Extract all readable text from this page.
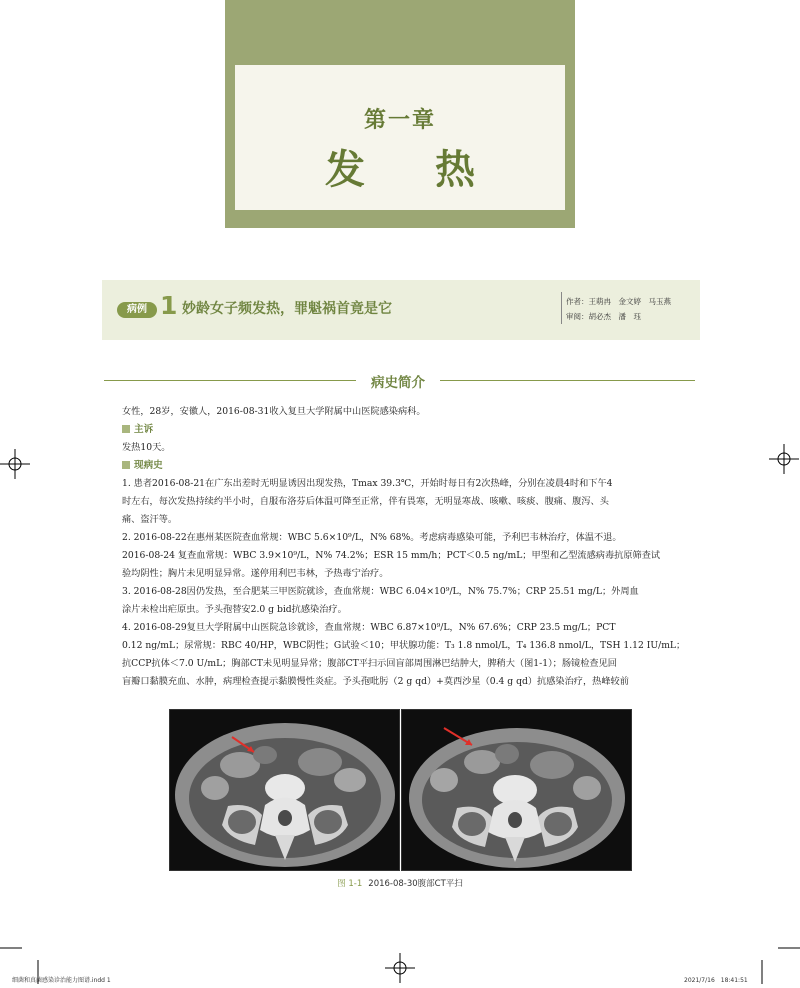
第一章
发热
病例 1 妙龄女子频发热，罪魁祸首竟是它	作者：王萌冉　金文婷　马玉燕
审阅：胡必杰　潘　珏
病史简介
女性，28岁，安徽人，2016-08-31收入复旦大学附属中山医院感染病科。
主诉
发热10天。
现病史
1. 患者2016-08-21在广东出差时无明显诱因出现发热，Tmax 39.3℃，开始时每日有2次热峰，分别在凌晨4时和下午4
时左右，每次发热持续约半小时，自服布洛芬后体温可降至正常，伴有畏寒，无明显寒战、咳嗽、咳痰、腹痛、腹泻、头
痛、盗汗等。
2. 2016-08-22在惠州某医院查血常规：WBC 5.6×10⁹/L，N% 68%。考虑病毒感染可能，予利巴韦林治疗，体温不退。
2016-08-24 复查血常规：WBC 3.9×10⁹/L，N% 74.2%；ESR 15 mm/h；PCT＜0.5 ng/mL；甲型和乙型流感病毒抗原筛查试
验均阴性；胸片未见明显异常。遂停用利巴韦林，予热毒宁治疗。
3. 2016-08-28因仍发热，至合肥某三甲医院就诊，查血常规：WBC 6.04×10⁹/L，N% 75.7%；CRP 25.51 mg/L；外周血
涂片未检出疟原虫。予头孢替安2.0 g bid抗感染治疗。
4. 2016-08-29复旦大学附属中山医院急诊就诊，查血常规：WBC 6.87×10⁹/L，N% 67.6%；CRP 23.5 mg/L；PCT
0.12 ng/mL；尿常规：RBC 40/HP，WBC阴性；G试验＜10；甲状腺功能：T₃ 1.8 nmol/L，T₄ 136.8 nmol/L，TSH 1.12 IU/mL；
抗CCP抗体＜7.0 U/mL；胸部CT未见明显异常；腹部CT平扫示回盲部周围淋巴结肿大，脾稍大（图1-1）；肠镜检查见回
盲瓣口黏膜充血、水肿，病理检查提示黏膜慢性炎症。予头孢吡肟（2 g qd）+莫西沙星（0.4 g qd）抗感染治疗，热峰较前
图 1-1 2016-08-30腹部CT平扫
细菌和真菌感染诊治能力图谱.indd 1	2021/7/16　18:41:51
